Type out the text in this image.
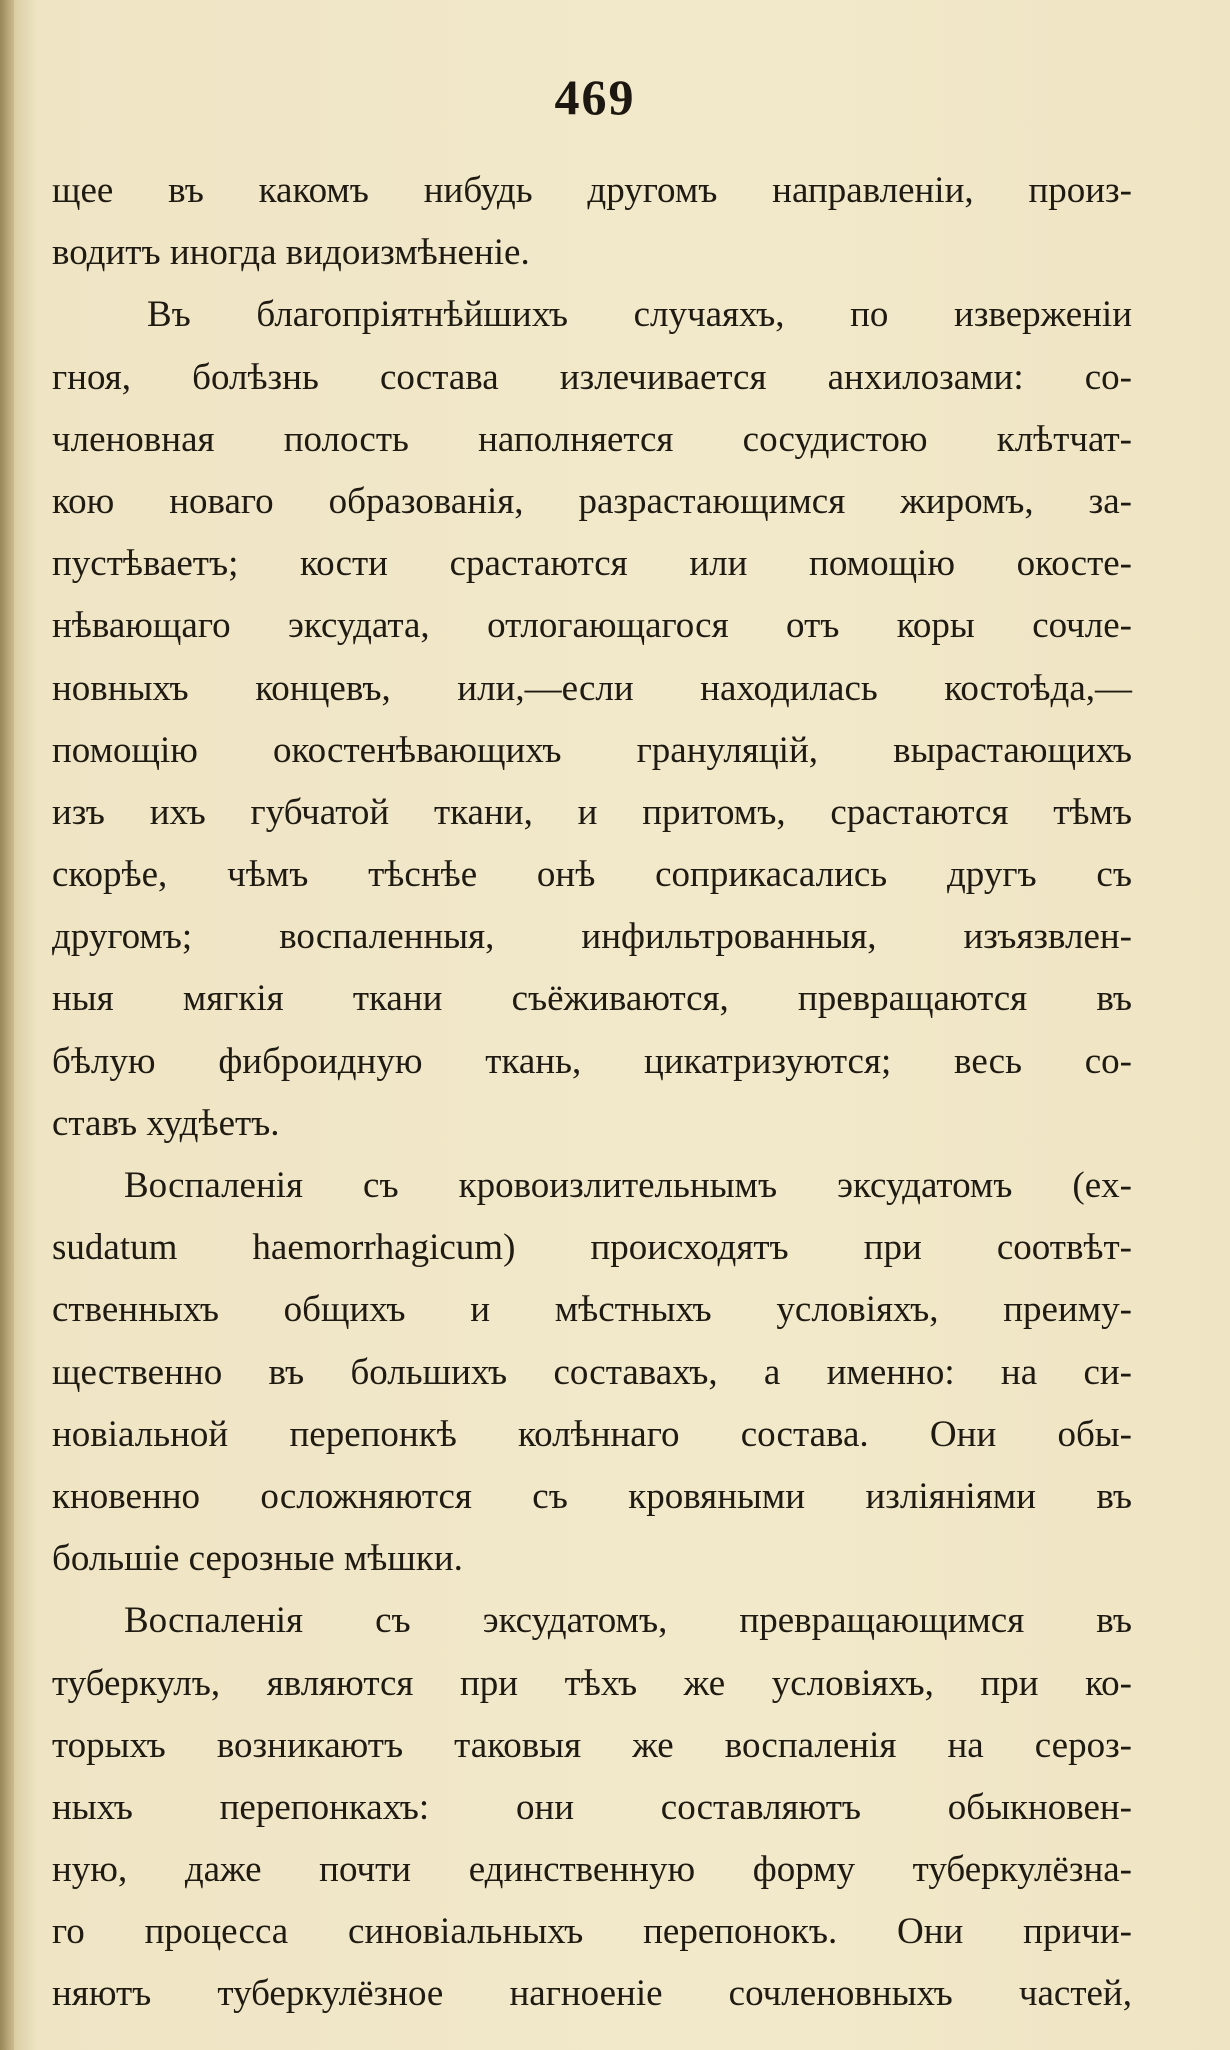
469
щее въ какомъ нибудь другомъ направленiи, произ-
водитъ иногда видоизмѣненiе.
Въ благопрiятнѣйшихъ случаяхъ, по изверженiи
гноя, болѣзнь состава излечивается анхилозами: со-
членовная полость наполняется сосудистою клѣтчат-
кою новаго образованiя, разрастающимся жиромъ, за-
пустѣваетъ; кости срастаются или помощiю окосте-
нѣвающаго эксудата, отлогающагося отъ коры сочле-
новныхъ концевъ, или,—если находилась костоѣда,—
помощiю окостенѣвающихъ грануляцiй, вырастающихъ
изъ ихъ губчатой ткани, и притомъ, срастаются тѣмъ
скорѣе, чѣмъ тѣснѣе онѣ соприкасались другъ съ
другомъ; воспаленныя, инфильтрованныя, изъязвлен-
ныя мягкiя ткани съёживаются, превращаются въ
бѣлую фиброидную ткань, цикатризуются; весь со-
ставъ худѣетъ.
Воспаленiя съ кровоизлительнымъ эксудатомъ (ex-
sudatum haemorrhagicum) происходятъ при соотвѣт-
ственныхъ общихъ и мѣстныхъ условiяхъ, преиму-
щественно въ большихъ составахъ, а именно: на си-
новiальной перепонкѣ колѣннаго состава. Они обы-
кновенно осложняются съ кровяными излiянiями въ
большiе серозные мѣшки.
Воспаленiя съ эксудатомъ, превращающимся въ
туберкулъ, являются при тѣхъ же условiяхъ, при ко-
торыхъ возникаютъ таковыя же воспаленiя на сероз-
ныхъ перепонкахъ: они составляютъ обыкновен-
ную, даже почти единственную форму туберкулёзна-
го процесса синовiальныхъ перепонокъ. Они причи-
няютъ туберкулёзное нагноенiе сочленовныхъ частей,
